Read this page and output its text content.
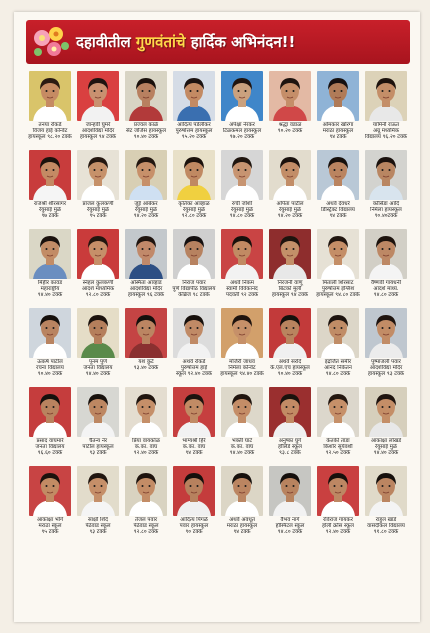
दहावीतील गुणवंतांचे हार्दिक अभिनंदन!!
तनया रोकडे
विजय हाई कॉन्वेंट
हायस्कूल ९८.२० टक्के
जान्हवी घुमरे
आदर्शविद्या मंदिर
हायस्कूल ९४ टक्के
प्रज्वल काळे
सेंट जॉर्जेस हायस्कूल
९०.४० टक्के
आदित्य पडेलीकर
पुरुषोत्तम हायस्कूल
९५.२० टक्के
अपेक्षा नेरकर
टिळकमल हायस्कूल
९७.२० टक्के
श्रद्धा वडाळ
९०.२० टक्के
ओमकार खोरगा
मराठा हायस्कूल
९४ टक्के
यामिनी राऊत
अग्रू मध्यमिक
विद्यालय ९६.२० टक्के
राजश्री शीरसागर
रेयुसाई मुळे
९७ टक्के
प्रांजल कुलकर्णी
रेयुसाई मुळे
९५ टक्के
जुई आंबेकर
रेयुसाई मुळे
९४.२० टक्के
कृतिका आव्हाळ
रेयुसाई मुळे
९२.८० टक्के
रुची जोशी
रेयुसाई मुळे
९४.८० टक्के
अर्पिता पाटील
रेयुसाई मुळे
९४.२० टक्के
अथर्व देवधरे
डिस्ट्रिक्ट विद्यालय
९४ टक्के
कोसिडा आदि
निर्मला हायस्कूल
९०.४०टक्के
मिहीर कावड
महाराष्ट्रीय
९४.४० टक्के
स्नेहल कुलकर्णी
आदर्श माध्यमिक
९२.८० टक्के
अस्मिता आव्हाड
आदर्शविद्या मंदिर
हायस्कूल ९६ टक्के
निराज पवार
पुणे विद्यापीठ विद्यालय
केंब्रिज ९८ टक्के
अथर्व निकम
स्वामी विवेकानंद
पदवर्ती ९२ टक्के
निरंजनी वाणू
बिटको मुली
हायस्कूल ९४ टक्के
मिताली शिरसाट
पुरुषोत्तम इंग्लिश
हायस्कूल ९४.८० टक्के
वैष्णवी गायधनी
आदर्श माध्य.
९४.८० टक्के
उत्कर्ष पाटील
रचना विद्यालय
९०.४० टक्के
पूनम पुणे
जनता विद्यालय
९४.४० टक्के
यश कुटे
९३.४० टक्के
अथर्व रोकडे
पुरुषोत्तम हाई
स्कूल ९२.४० टक्के
मंजिरी जाधव
निर्मला कॉन्वेंट
हायस्कूल ९४.४० टक्के
अथर्व सरोदे
के.एल.एच हायस्कूल
९०.४० टक्के
इंद्रजित समीर
आनंद निकेतन
९४.८० टक्के
पुष्पांजली पवार
आदर्शविद्या मंदिर
हायस्कूल ९३ टक्के
प्रसाद वाघमारे
जनता विद्यालय
९६.६० टक्के
चैतन्य नेर
पाटील हायस्कूल
९३ टक्के
प्रिया वायकोळ
क.का. वाघ
९२.४० टक्के
भाग्यश्री हिरे
क.का. वाघ
९४ टक्के
भक्ती घाटे
क.का. वाघ
९४.४० टक्के
अनुष्का घुगे
हॉलिडे स्कूल
९३.८ टक्के
केतकी तांडा
किशोर सूर्यवंशी
९२.५० टक्के
आकांक्षा लोखंडे
रेयुसाई मुळे
९४.४० टक्के
आकांक्षा भोगे
मराठा स्कूल
९५ टक्के
साक्षी शिंदे
पेठेवाड स्कूल
९३ टक्के
तेजल पवार
पेठेवाड स्कूल
९२.८० टक्के
आदित्य पिंगळे
पवार हायस्कूल
९० टक्के
अथर्व अवधूत
मराठा हायस्कूल
९४ टक्के
वैभव नागे
हॉस्पिटल स्कूल
९४.८० टक्के
रविराज गायकर
होली क्रॉस स्कूल
९२.४० टक्के
राहुल खांडे
वासंदीकल विद्यालय
९१.८० टक्के
